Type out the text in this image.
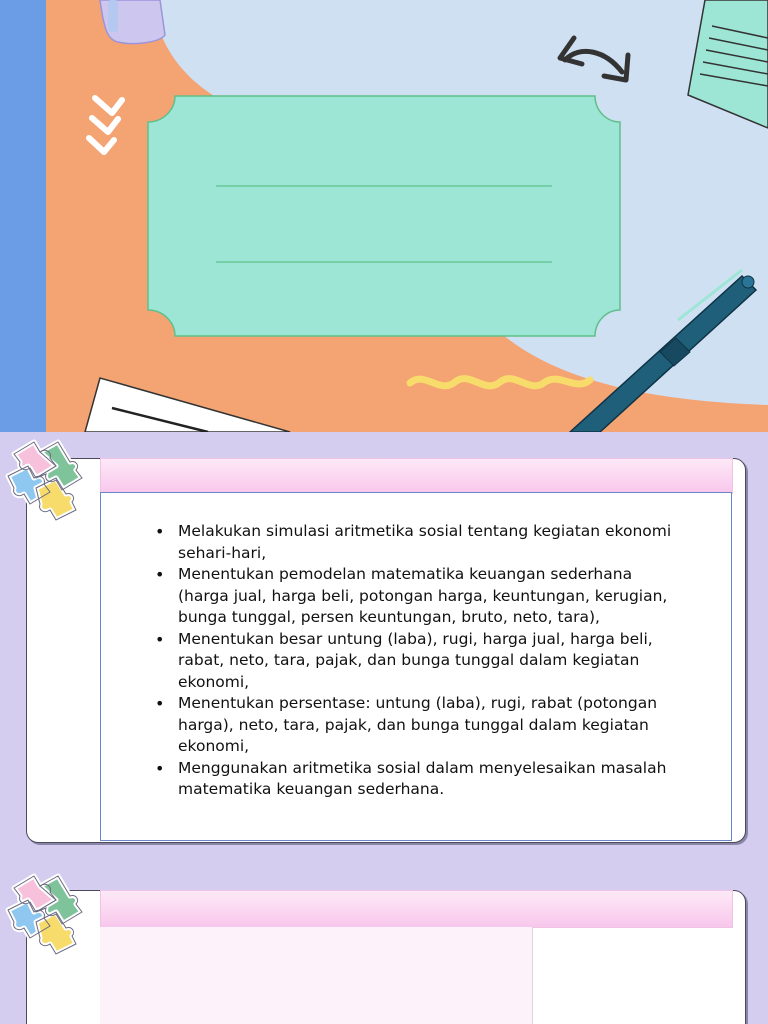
• Melakukan simulasi aritmetika sosial tentang kegiatan ekonomi sehari-hari,
• Menentukan pemodelan matematika keuangan sederhana (harga jual, harga beli, potongan harga, keuntungan, kerugian, bunga tunggal, persen keuntungan, bruto, neto, tara),
• Menentukan besar untung (laba), rugi, harga jual, harga beli, rabat, neto, tara, pajak, dan bunga tunggal dalam kegiatan ekonomi,
• Menentukan persentase: untung (laba), rugi, rabat (potongan harga), neto, tara, pajak, dan bunga tunggal dalam kegiatan ekonomi,
• Menggunakan aritmetika sosial dalam menyelesaikan masalah matematika keuangan sederhana.
